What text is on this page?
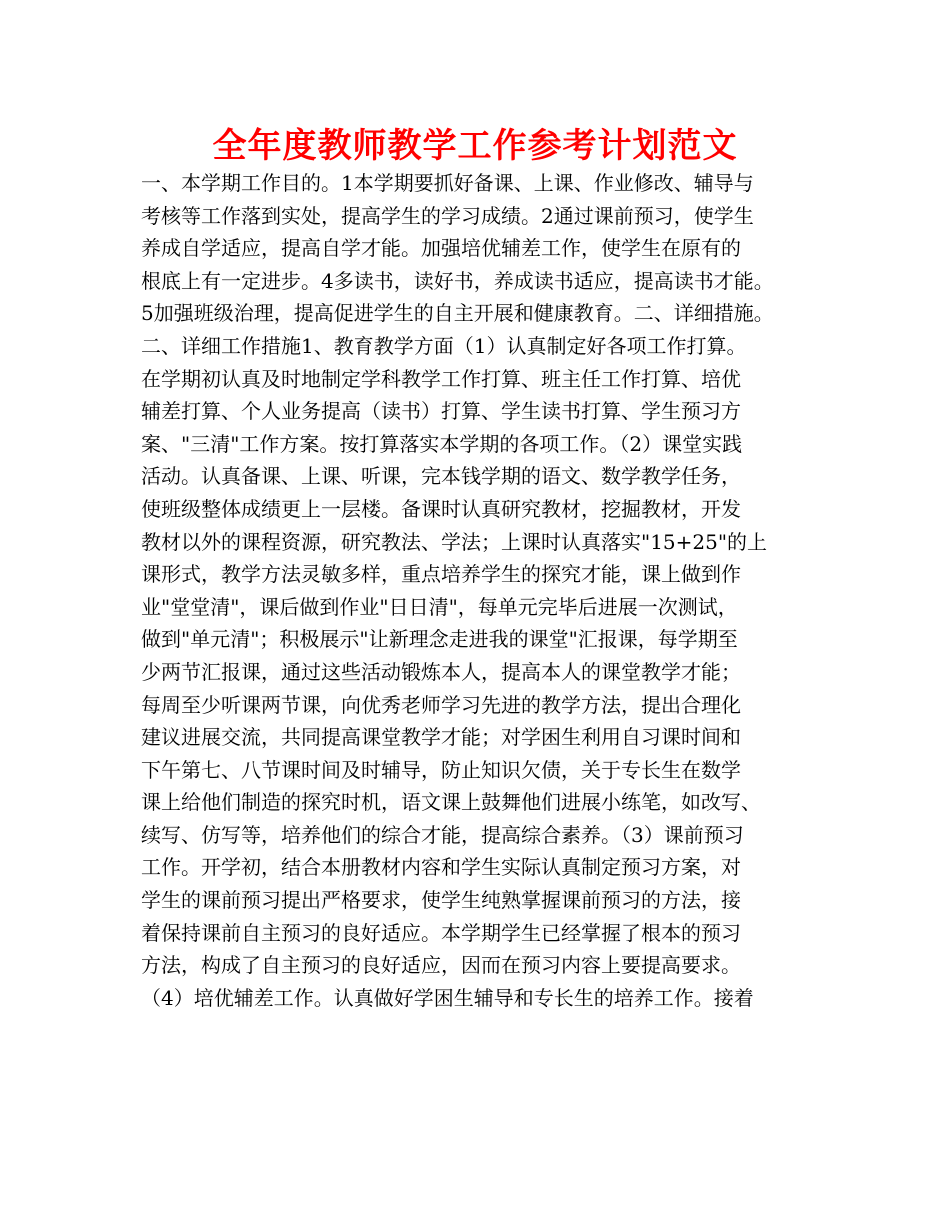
全年度教师教学工作参考计划范文
一、本学期工作目的。1本学期要抓好备课、上课、作业修改、辅导与
考核等工作落到实处，提高学生的学习成绩。2通过课前预习，使学生
养成自学适应，提高自学才能。加强培优辅差工作，使学生在原有的
根底上有一定进步。4多读书，读好书，养成读书适应，提高读书才能。
5加强班级治理，提高促进学生的自主开展和健康教育。二、详细措施。
二、详细工作措施1、教育教学方面（1）认真制定好各项工作打算。
在学期初认真及时地制定学科教学工作打算、班主任工作打算、培优
辅差打算、个人业务提高（读书）打算、学生读书打算、学生预习方
案、"三清"工作方案。按打算落实本学期的各项工作。（2）课堂实践
活动。认真备课、上课、听课，完本钱学期的语文、数学教学任务，
使班级整体成绩更上一层楼。备课时认真研究教材，挖掘教材，开发
教材以外的课程资源，研究教法、学法；上课时认真落实"15+25"的上
课形式，教学方法灵敏多样，重点培养学生的探究才能，课上做到作
业"堂堂清"，课后做到作业"日日清"，每单元完毕后进展一次测试，
做到"单元清"；积极展示"让新理念走进我的课堂"汇报课，每学期至
少两节汇报课，通过这些活动锻炼本人，提高本人的课堂教学才能；
每周至少听课两节课，向优秀老师学习先进的教学方法，提出合理化
建议进展交流，共同提高课堂教学才能；对学困生利用自习课时间和
下午第七、八节课时间及时辅导，防止知识欠债，关于专长生在数学
课上给他们制造的探究时机，语文课上鼓舞他们进展小练笔，如改写、
续写、仿写等，培养他们的综合才能，提高综合素养。（3）课前预习
工作。开学初，结合本册教材内容和学生实际认真制定预习方案，对
学生的课前预习提出严格要求，使学生纯熟掌握课前预习的方法，接
着保持课前自主预习的良好适应。本学期学生已经掌握了根本的预习
方法，构成了自主预习的良好适应，因而在预习内容上要提高要求。
（4）培优辅差工作。认真做好学困生辅导和专长生的培养工作。接着
